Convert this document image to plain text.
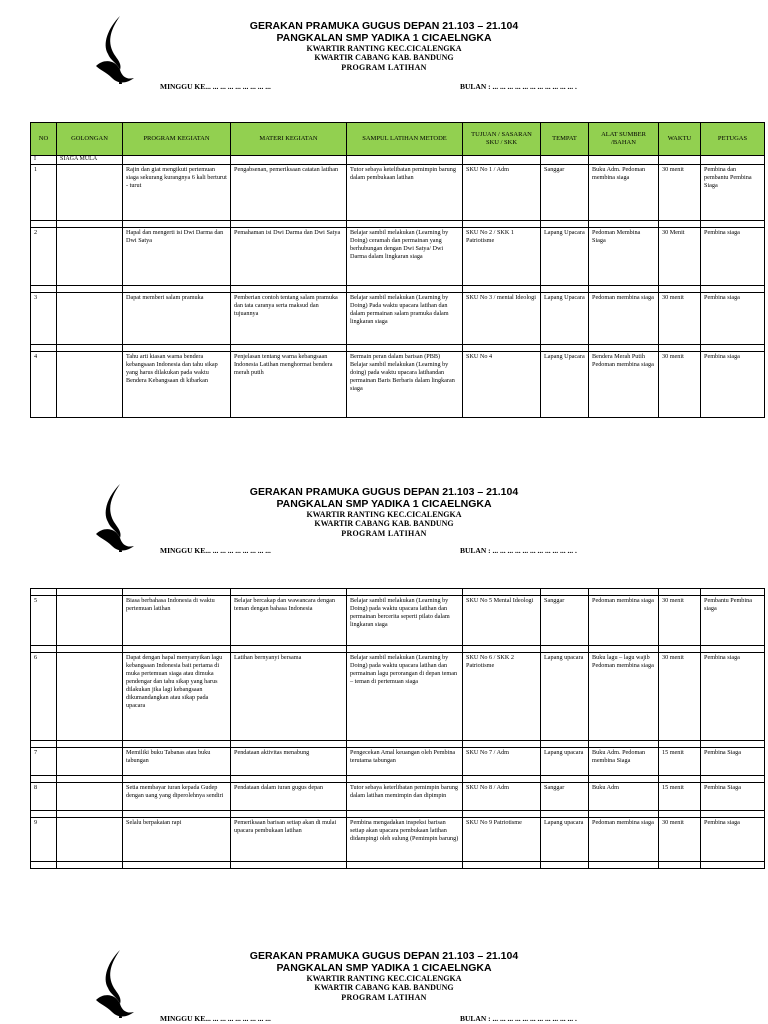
GERAKAN PRAMUKA GUGUS DEPAN 21.103 – 21.104
PANGKALAN SMP YADIKA 1 CICAELNGKA
KWARTIR RANTING KEC.CICALENGKA
KWARTIR CABANG KAB. BANDUNG
PROGRAM LATIHAN
MINGGU KE... ... ... ... ... ... ... ... ...	BULAN : ... ... ... ... ... ... ... ... ... ... ... .
NO	GOLONGAN	PROGRAM KEGIATAN	MATERI KEGIATAN	SAMPUL LATIHAN METODE	TUJUAN / SASARAN SKU / SKK	TEMPAT	ALAT SUMBER /BAHAN	WAKTU	PETUGAS
I	SIAGA MULA								
1		Rajin dan giat mengikuti pertemuan siaga sekurang kurangnya 6 kali berturut - turut	Pengabsenan, pemeriksaan catatan latihan	Tutor sebaya ketelibatan pemimpin barung dalam pembukaan latihan	SKU No 1 / Adm	Sanggar	Buku Adm. Pedoman membina siaga	30 menit	Pembina dan pembantu Pembina Siaga

2		Hapal dan mengerti isi Dwi Darma dan Dwi Satya	Pemahaman isi Dwi Darma dan Dwi Satya	Belajar sambil melakukan (Learning by Doing) ceramah dan permainan yang berhubungan dengan Dwi Satya/ Dwi Darma dalam lingkaran siaga	SKU No 2 / SKK 1 Patriotisme	Lapang Upacara	Pedoman Membina Siaga	30 Menit	Pembina siaga

3		Dapat memberi salam pramuka	Pemberian contoh tentang salam pramuka dan tata caranya serta maksud dan tujuannya	Belajar sambil melakukan (Learning by Doing) Pada waktu upacara latihan dan dalam permainan salam pramuka dalam lingkaran siaga	SKU No 3 / mental Ideologi	Lapang Upacara	Pedoman membina siaga	30 menit	Pembina siaga

4		Tahu arti kiasan warna bendera kebangsaan Indonesia dan tahu sikap yang harus dilakukan pada waktu Bendera Kebangsaan di kibarkan	Penjelasan tentang warna kebangsaan Indonesia Latihan menghormat bendera merah putih	Bermain peran dalam barisan (PBB) Belajar sambil melakukan (Learning by doing) pada waktu upacara latihandan permainan Baris Berbaris dalam lingkaran siaga	SKU No 4	Lapang Upacara	Bendera Merah Putih Pedoman membina siaga	30 menit	Pembina siaga
GERAKAN PRAMUKA GUGUS DEPAN 21.103 – 21.104
PANGKALAN SMP YADIKA 1 CICAELNGKA
KWARTIR RANTING KEC.CICALENGKA
KWARTIR CABANG KAB. BANDUNG
PROGRAM LATIHAN
MINGGU KE... ... ... ... ... ... ... ... ...	BULAN : ... ... ... ... ... ... ... ... ... ... ... .

5		Biasa berbahasa Indonesia di waktu pertemuan latihan	Belajar bercakap dan wawancara dengan teman dengan bahasa Indonesia	Belajar sambil melakukan (Learning by Doing) pada waktu upacara latihan dan permainan bercerita seperti pilato dalam lingkaran siaga	SKU No 5 Mental Ideologi	Sanggar	Pedoman membina siaga	30 menit	Pembantu Pembina siaga

6		Dapat dengan hapal menyanyikan lagu kebangsaan Indonesia bait pertama di muka pertemuan siaga atau dimuka pendengar dan tahu sikap yang harus dilakukan jika lagi kebangsaan dikumandangkan atau sikap pada upacara	Latihan bernyanyi bersama	Belajar sambil melakukan (Learning by Doing) pada waktu upacara latihan dan permainan lagu perorangan di depan teman – teman di pertemuan siaga	SKU No 6 / SKK 2 Patriotisme	Lapang upacara	Buku lagu – lagu wajib Pedoman membina siaga	30 menit	Pembina siaga

7		Memiliki buku Tabanas atau buku tabungan	Pendataan aktivitas menabung	Pengecekan Amal keuangan oleh Pembina terutama tabungan	SKU No 7 / Adm	Lapang upacara	Buku Adm. Pedoman membina Siaga	15 menit	Pembina Siaga

8		Setia membayar iuran kepada Gudep dengan uang yang diperolehnya sendiri	Pendataan dalam iuran gugus depan	Tutor sebaya keterlibatan pemimpin barung dalam latihan memimpin dan dipimpin	SKU No 8 / Adm	Sanggar	Buku Adm	15 menit	Pembina Siaga

9		Selalu berpakaian rapi	Pemeriksaan barisan setiap akan di mulai upacara pembukaan latihan	Pembina mengadakan inspeksi barisan setiap akan upacara pembukaan latihan didampingi oleh sulung (Pemimpin barung)	SKU No 9 Patriotisme	Lapang upacara	Pedoman membina siaga	30 menit	Pembina siaga

GERAKAN PRAMUKA GUGUS DEPAN 21.103 – 21.104
PANGKALAN SMP YADIKA 1 CICAELNGKA
KWARTIR RANTING KEC.CICALENGKA
KWARTIR CABANG KAB. BANDUNG
PROGRAM LATIHAN
MINGGU KE... ... ... ... ... ... ... ... ...	BULAN : ... ... ... ... ... ... ... ... ... ... ... .
